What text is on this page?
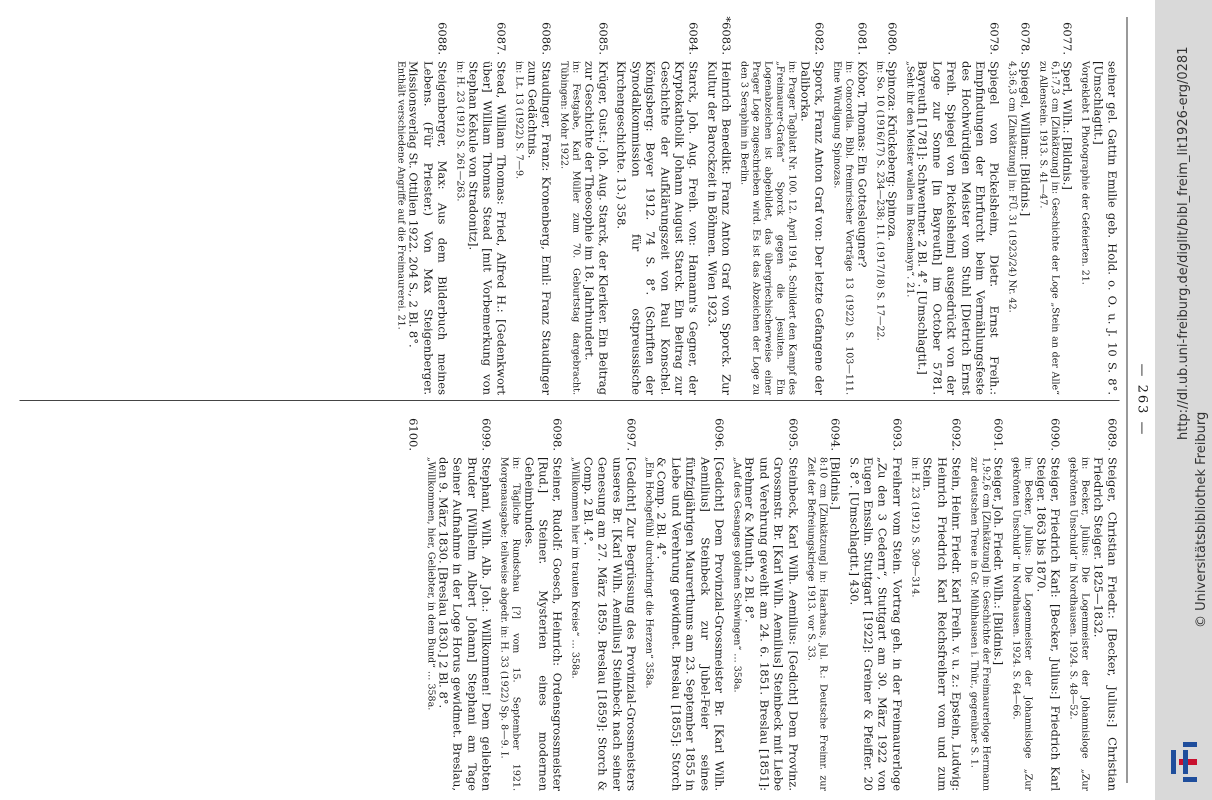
— 263 —
seiner gel. Gattin Emilie geb. Hold. o. O. u. J. 10 S. 8°. [Umschlagtit.]
Vorgeklebt 1 Photographie der Gefeierten. 21.
6077.
Sperl, Wilh.: [Bildnis.]
6,1:7,3 cm [Zinkätzung] in: Geschichte der Loge „Stein an der Alle“ zu Allenstein. 1913. S. 41—47.
6078.
Spiegel, William: [Bildnis.]
4,3:6,3 cm [Zinkätzung] in: FÜ. 31 (1923/24) Nr. 42.
6079.
Spiegel von Pickelsheim, Dietr. Ernst Freih.: Empfindungen der Ehrfurcht beim Vermählungsfeste des Hochwürdigen Meister vom Stuhl [Dietrich Ernst Freih. Spiegel von Pickelsheim] ausgedrückt von der Loge zur Sonne [in Bayreuth] im October 5781. Bayreuth [1781]: Schwentner. 2 Bl. 4°. [Umschlagtit.]
„Seht ihr den Meister wallen im Rosenhayn“. 21.
6080.
Spinoza: Krückeberg: Spinoza.
in: So. 10 (1916/17) S. 234—238; 11. (1917/18) S. 17—22.
6081.
Kóbor, Thomas: Ein Gottesleugner?
in: Concordia. Bibl. freimrischer Vorträge 13 (1922) S. 103—111. Eine Würdigung Spinozas.
6082.
Sporck, Franz Anton Graf von: Der letzte Gefangene der Daliborka.
in: Prager Tagblatt Nr. 100. 12. April 1914. Schildert den Kampf des „Freimaurer-Grafen“ Sporck gegen die Jesuiten. Ein Logenabzeichen ist abgebildet, das übergriechischerweise einer Prager Loge zugeschrieben wird. Es ist das Abzeichen der Loge zu den 3 Seraphim in Berlin.
*6083.
Heinrich Benedikt: Franz Anton Graf von Sporck. Zur Kultur der Barockzeit in Böhmen. Wien 1923.
6084.
Starck, Joh. Aug. Freih. von: Hamann's Gegner, der Kryptokatholik Johann August Starck. Ein Beitrag zur Geschichte der Aufklärungszeit von Paul Konschel. Königsberg: Beyer 1912. 74 S. 8°. (Schriften der Synodalkommission für ostpreussische Kirchengeschichte. 13.) 358.
6085.
Krüger, Gust.: Joh. Aug. Starck, der Kleriker. Ein Beitrag zur Geschichte der Theosophie im 18. Jahrhundert.
in: Festgabe, Karl Müller zum 70. Geburtstag dargebracht. Tübingen: Mohr 1922.
6086.
Staudinger, Franz: Kronenberg, Emil: Franz Staudinger zum Gedächtnis.
in: Lt. 13 (1922) S. 7—9.
6087.
Stead, William Thomas: Fried, Alfred H.: [Gedenkwort über] William Thomas Stead [mit Vorbemerkung von Stephan Kekule von Stradonitz].
in: H. 23 (1912) S. 261—263.
6088.
Steigenberger, Max: Aus dem Bilderbuch meines Lebens. (Für Priester.) Von Max Steigenberger. Missionsverlag St. Ottilien 1922. 204 S., 2 Bl. 8°.
Enthält verschiedene Angriffe auf die Freimaurerei. 21.
6089.
Steiger, Christian Friedr.: [Becker, Julius:] Christian Friedrich Steiger. 1825—1832.
in: Becker, Julius: Die Logenmeister der Johannisloge „Zur gekrönten Unschuld“ in Nordhausen. 1924. S. 48—52.
6090.
Steiger, Friedrich Karl: [Becker, Julius:] Friedrich Karl Steiger. 1863 bis 1870.
in: Becker, Julius: Die Logenmeister der Johannisloge „Zur gekrönten Unschuld“ in Nordhausen. 1924. S. 64—66.
6091.
Steiger, Joh. Friedr. Wilh.: [Bildnis.]
1,9:2,6 cm [Zinkätzung] in: Geschichte der Freimaurerloge Hermann zur deutschen Treue in Gr. Mühlhausen i. Thür., gegenüber S. 1.
6092.
Stein, Heinr. Friedr. Karl Freih. v. u. z.: Epstein, Ludwig: Heinrich Friedrich Karl Reichsfreiherr vom und zum Stein.
in: H. 23 (1912) S. 309—314.
6093.
Freiherr vom Stein. Vortrag geh. in der Freimaurerloge „Zu den 3 Cedern“, Stuttgart am 30. März 1922 von Eugen Ensslin. Stuttgart [1922]: Greiner & Pfeiffer. 20 S. 8°. [Umschlagtit.] 430.
6094.
[Bildnis.]
8:10 cm [Zinkätzung] in: Haarhaus, Jul. R.: Deutsche Freimr. zur Zeit der Befreiungskriege 1913. vor S. 33.
6095.
Steinbeck, Karl Wilh. Aemilius: [Gedicht] Dem Provinz. Grossmstr. Br. [Karl Wilh. Aemilius] Steinbeck mit Liebe und Verehrung geweiht am 24. 6. 1851. Breslau [1851]: Brehmer & Minuth. 2 Bl. 8°.
„Auf des Gesanges goldnen Schwingen“ … 358a.
6096.
[Gedicht] Dem Provinzial-Grossmeister Br. [Karl Wilh. Aemilius] Steinbeck zur Jubel-Feier seines fünfzigjährigen Maurerthums am 23. September 1855 in Liebe und Verehrung gewidmet. Breslau [1855]: Storch & Comp. 2 Bl. 4°.
„Ein Hochgefühl durchdringt die Herzen“ 358a.
6097.
[Gedicht] Zur Begrüssung des Provinzial-Grossmeisters unseres Br. [Karl Wilh. Aemilius] Steinbeck nach seiner Genesung am 27. März 1859. Breslau [1859]: Storch & Comp. 2 Bl. 4°.
„Willkommen hier im trauten Kreise“ … 358a.
6098.
Steiner, Rudolf: Goesch, Heinrich: Ordensgrossmeister [Rud.] Steiner. Mysterien eines modernen Geheimbundes.
in: Tägliche Rundschau [?] vom 15. September 1921. Morgenausgabe; teilweise abgedr. in: H. 33 (1922) Sp. 8—9. I.
6099.
Stephani, Wilh. Alb. Joh.: Willkommen! Dem geliebten Bruder [Wilhelm Albert Johann] Stephani am Tage Seiner Aufnahme in der Loge Horus gewidmet. Breslau, den 9. März 1830. [Breslau 1830.] 2 Bl. 8°.
„Willkommen, hier, Geliebter, in dem Bund“ … 358a.
6100.	http://dl.ub.uni-freiburg.de/diglit/bibl_freim_lit1926-erg/0281
© Universitätsbibliothek Freiburg
